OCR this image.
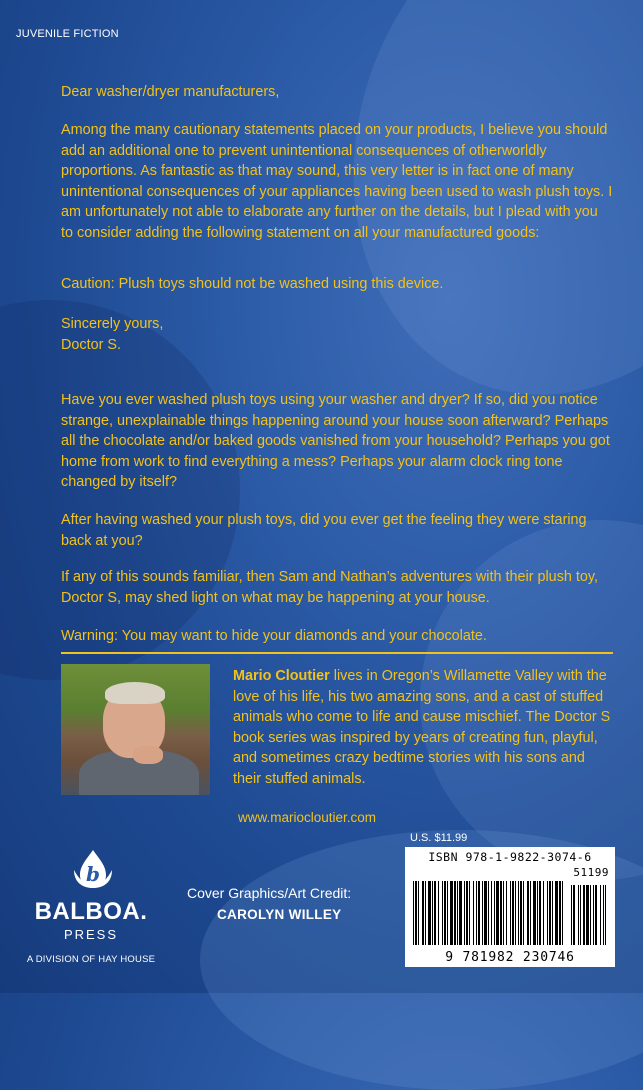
JUVENILE FICTION
Dear washer/dryer manufacturers,
Among the many cautionary statements placed on your products, I believe you should add an additional one to prevent unintentional consequences of otherworldly proportions. As fantastic as that may sound, this very letter is in fact one of many unintentional consequences of your appliances having been used to wash plush toys. I am unfortunately not able to elaborate any further on the details, but I plead with you to consider adding the following statement on all your manufactured goods:
Caution: Plush toys should not be washed using this device.
Sincerely yours,
Doctor S.
Have you ever washed plush toys using your washer and dryer? If so, did you notice strange, unexplainable things happening around your house soon afterward? Perhaps all the chocolate and/or baked goods vanished from your household? Perhaps you got home from work to find everything a mess? Perhaps your alarm clock ring tone changed by itself?
After having washed your plush toys, did you ever get the feeling they were staring back at you?
If any of this sounds familiar, then Sam and Nathan’s adventures with their plush toy, Doctor S, may shed light on what may be happening at your house.
Warning: You may want to hide your diamonds and your chocolate.
Mario Cloutier lives in Oregon’s Willamette Valley with the love of his life, his two amazing sons, and a cast of stuffed animals who come to life and cause mischief. The Doctor S book series was inspired by years of creating fun, playful, and sometimes crazy bedtime stories with his sons and their stuffed animals.
www.mariocloutier.com
b
BALBOA.
PRESS
A DIVISION OF HAY HOUSE
Cover Graphics/Art Credit:
CAROLYN WILLEY
U.S. $11.99
ISBN 978-1-9822-3074-6
51199
9 781982 230746
